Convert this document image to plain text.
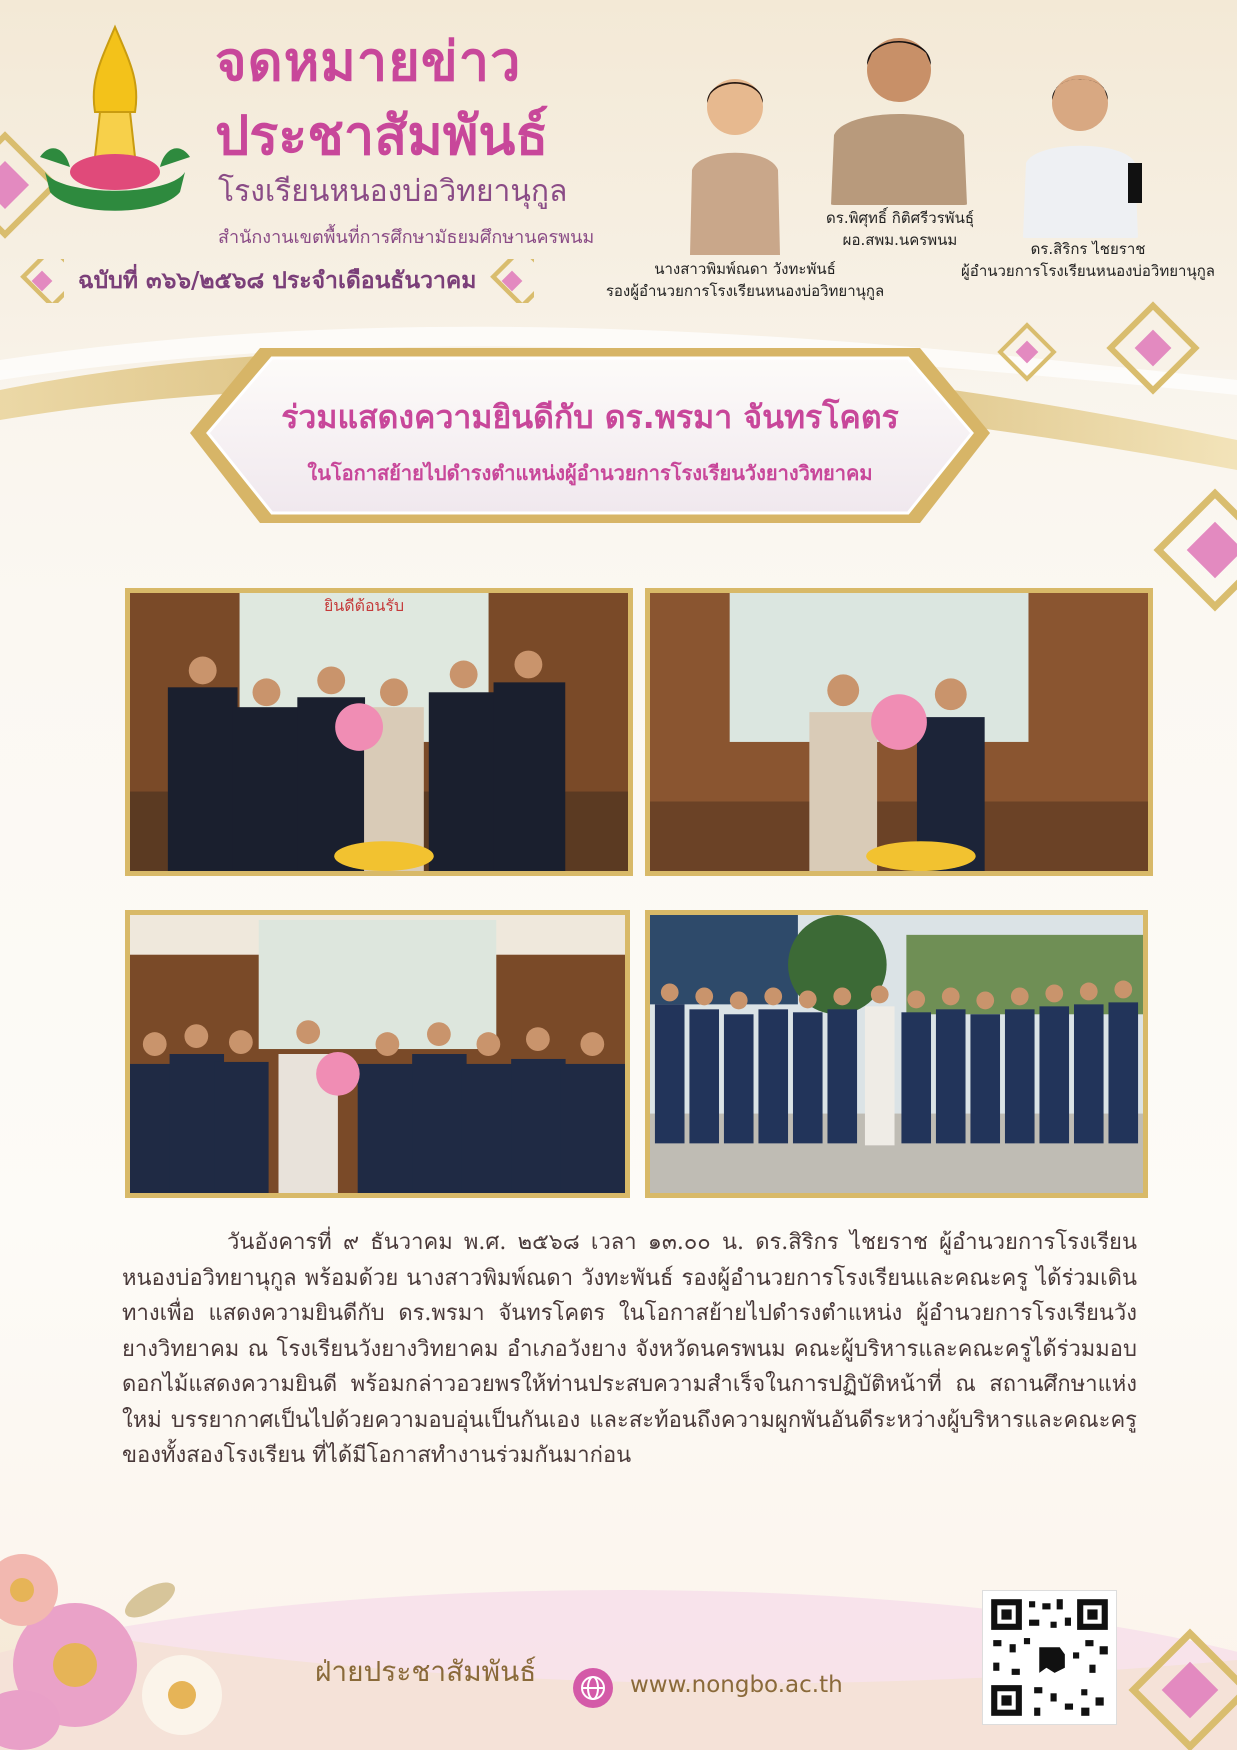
จดหมายข่าว
ประชาสัมพันธ์
โรงเรียนหนองบ่อวิทยานุกูล
สำนักงานเขตพื้นที่การศึกษามัธยมศึกษานครพนม
ฉบับที่ ๓๖๖/๒๕๖๘ ประจำเดือนธันวาคม	นางสาวพิมพ์ณดา วังทะพันธ์
รองผู้อำนวยการโรงเรียนหนองบ่อวิทยานุกูล
ดร.พิศุทธิ์ กิติศรีวรพันธุ์
ผอ.สพม.นครพนม	ดร.สิริกร ไชยราช
ผู้อำนวยการโรงเรียนหนองบ่อวิทยานุกูล
ร่วมแสดงความยินดีกับ ดร.พรมา จันทรโคตร
ในโอกาสย้ายไปดำรงตำแหน่งผู้อำนวยการโรงเรียนวังยางวิทยาคม
ยินดีต้อนรับ
วันอังคารที่ ๙ ธันวาคม พ.ศ. ๒๕๖๘ เวลา ๑๓.๐๐ น. ดร.สิริกร ไชยราช ผู้อำนวยการโรงเรียนหนองบ่อวิทยานุกูล พร้อมด้วย นางสาวพิมพ์ณดา วังทะพันธ์ รองผู้อำนวยการโรงเรียนและคณะครู ได้ร่วมเดินทางเพื่อ แสดงความยินดีกับ ดร.พรมา จันทรโคตร ในโอกาสย้ายไปดำรงตำแหน่ง ผู้อำนวยการโรงเรียนวังยางวิทยาคม ณ โรงเรียนวังยางวิทยาคม อำเภอวังยาง จังหวัดนครพนม คณะผู้บริหารและคณะครูได้ร่วมมอบดอกไม้แสดงความยินดี พร้อมกล่าวอวยพรให้ท่านประสบความสำเร็จในการปฏิบัติหน้าที่ ณ สถานศึกษาแห่งใหม่ บรรยากาศเป็นไปด้วยความอบอุ่นเป็นกันเอง และสะท้อนถึงความผูกพันอันดีระหว่างผู้บริหารและคณะครูของทั้งสองโรงเรียน ที่ได้มีโอกาสทำงานร่วมกันมาก่อน
ฝ่ายประชาสัมพันธ์	www.nongbo.ac.th
